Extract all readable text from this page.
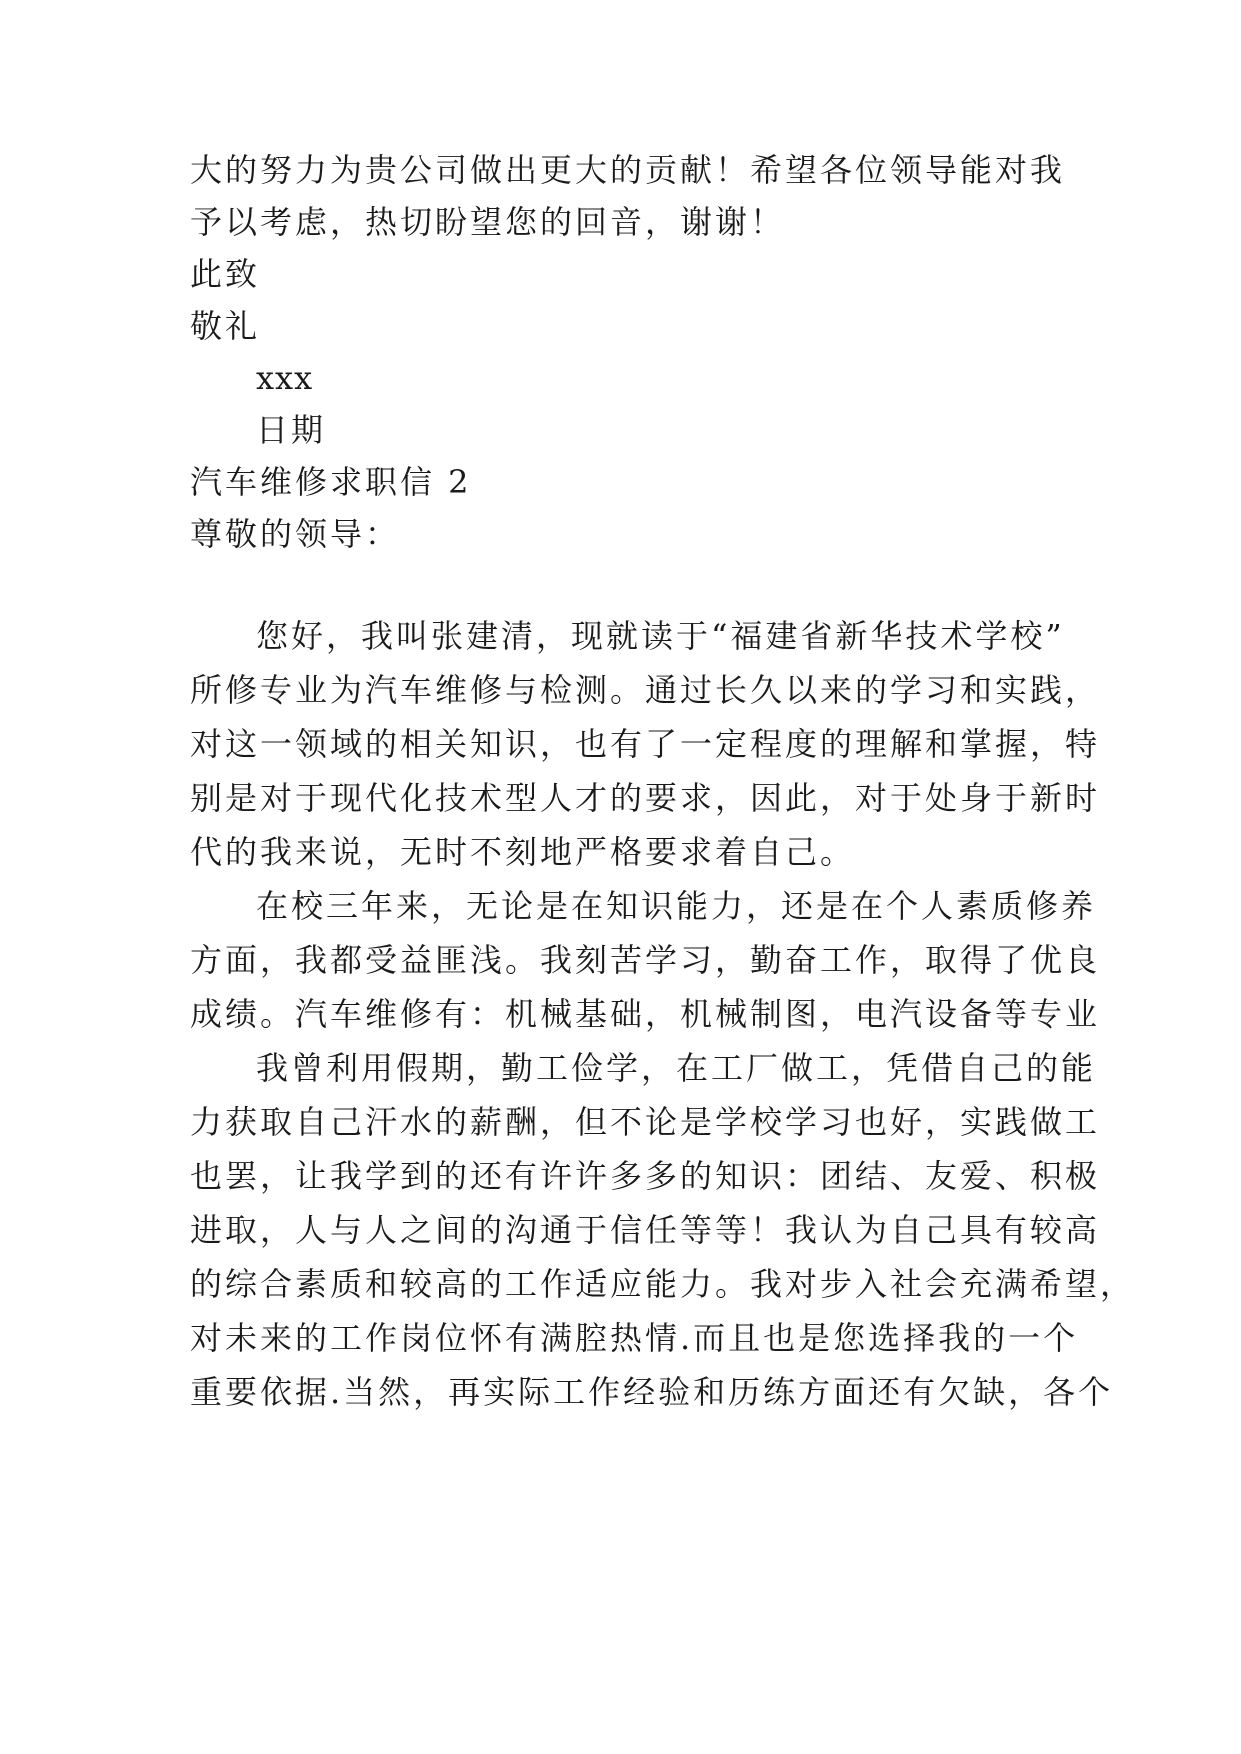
大的努力为贵公司做出更大的贡献！希望各位领导能对我
予以考虑，热切盼望您的回音，谢谢！
此致
敬礼
xxx
日期
汽车维修求职信 2
尊敬的领导：
您好，我叫张建清，现就读于“福建省新华技术学校”
所修专业为汽车维修与检测。通过长久以来的学习和实践，
对这一领域的相关知识，也有了一定程度的理解和掌握，特
别是对于现代化技术型人才的要求，因此，对于处身于新时
代的我来说，无时不刻地严格要求着自己。
在校三年来，无论是在知识能力，还是在个人素质修养
方面，我都受益匪浅。我刻苦学习，勤奋工作，取得了优良
成绩。汽车维修有：机械基础，机械制图，电汽设备等专业
我曾利用假期，勤工俭学，在工厂做工，凭借自己的能
力获取自己汗水的薪酬，但不论是学校学习也好，实践做工
也罢，让我学到的还有许许多多的知识：团结、友爱、积极
进取，人与人之间的沟通于信任等等！我认为自己具有较高
的综合素质和较高的工作适应能力。我对步入社会充满希望，
对未来的工作岗位怀有满腔热情.而且也是您选择我的一个
重要依据.当然，再实际工作经验和历练方面还有欠缺，各个
